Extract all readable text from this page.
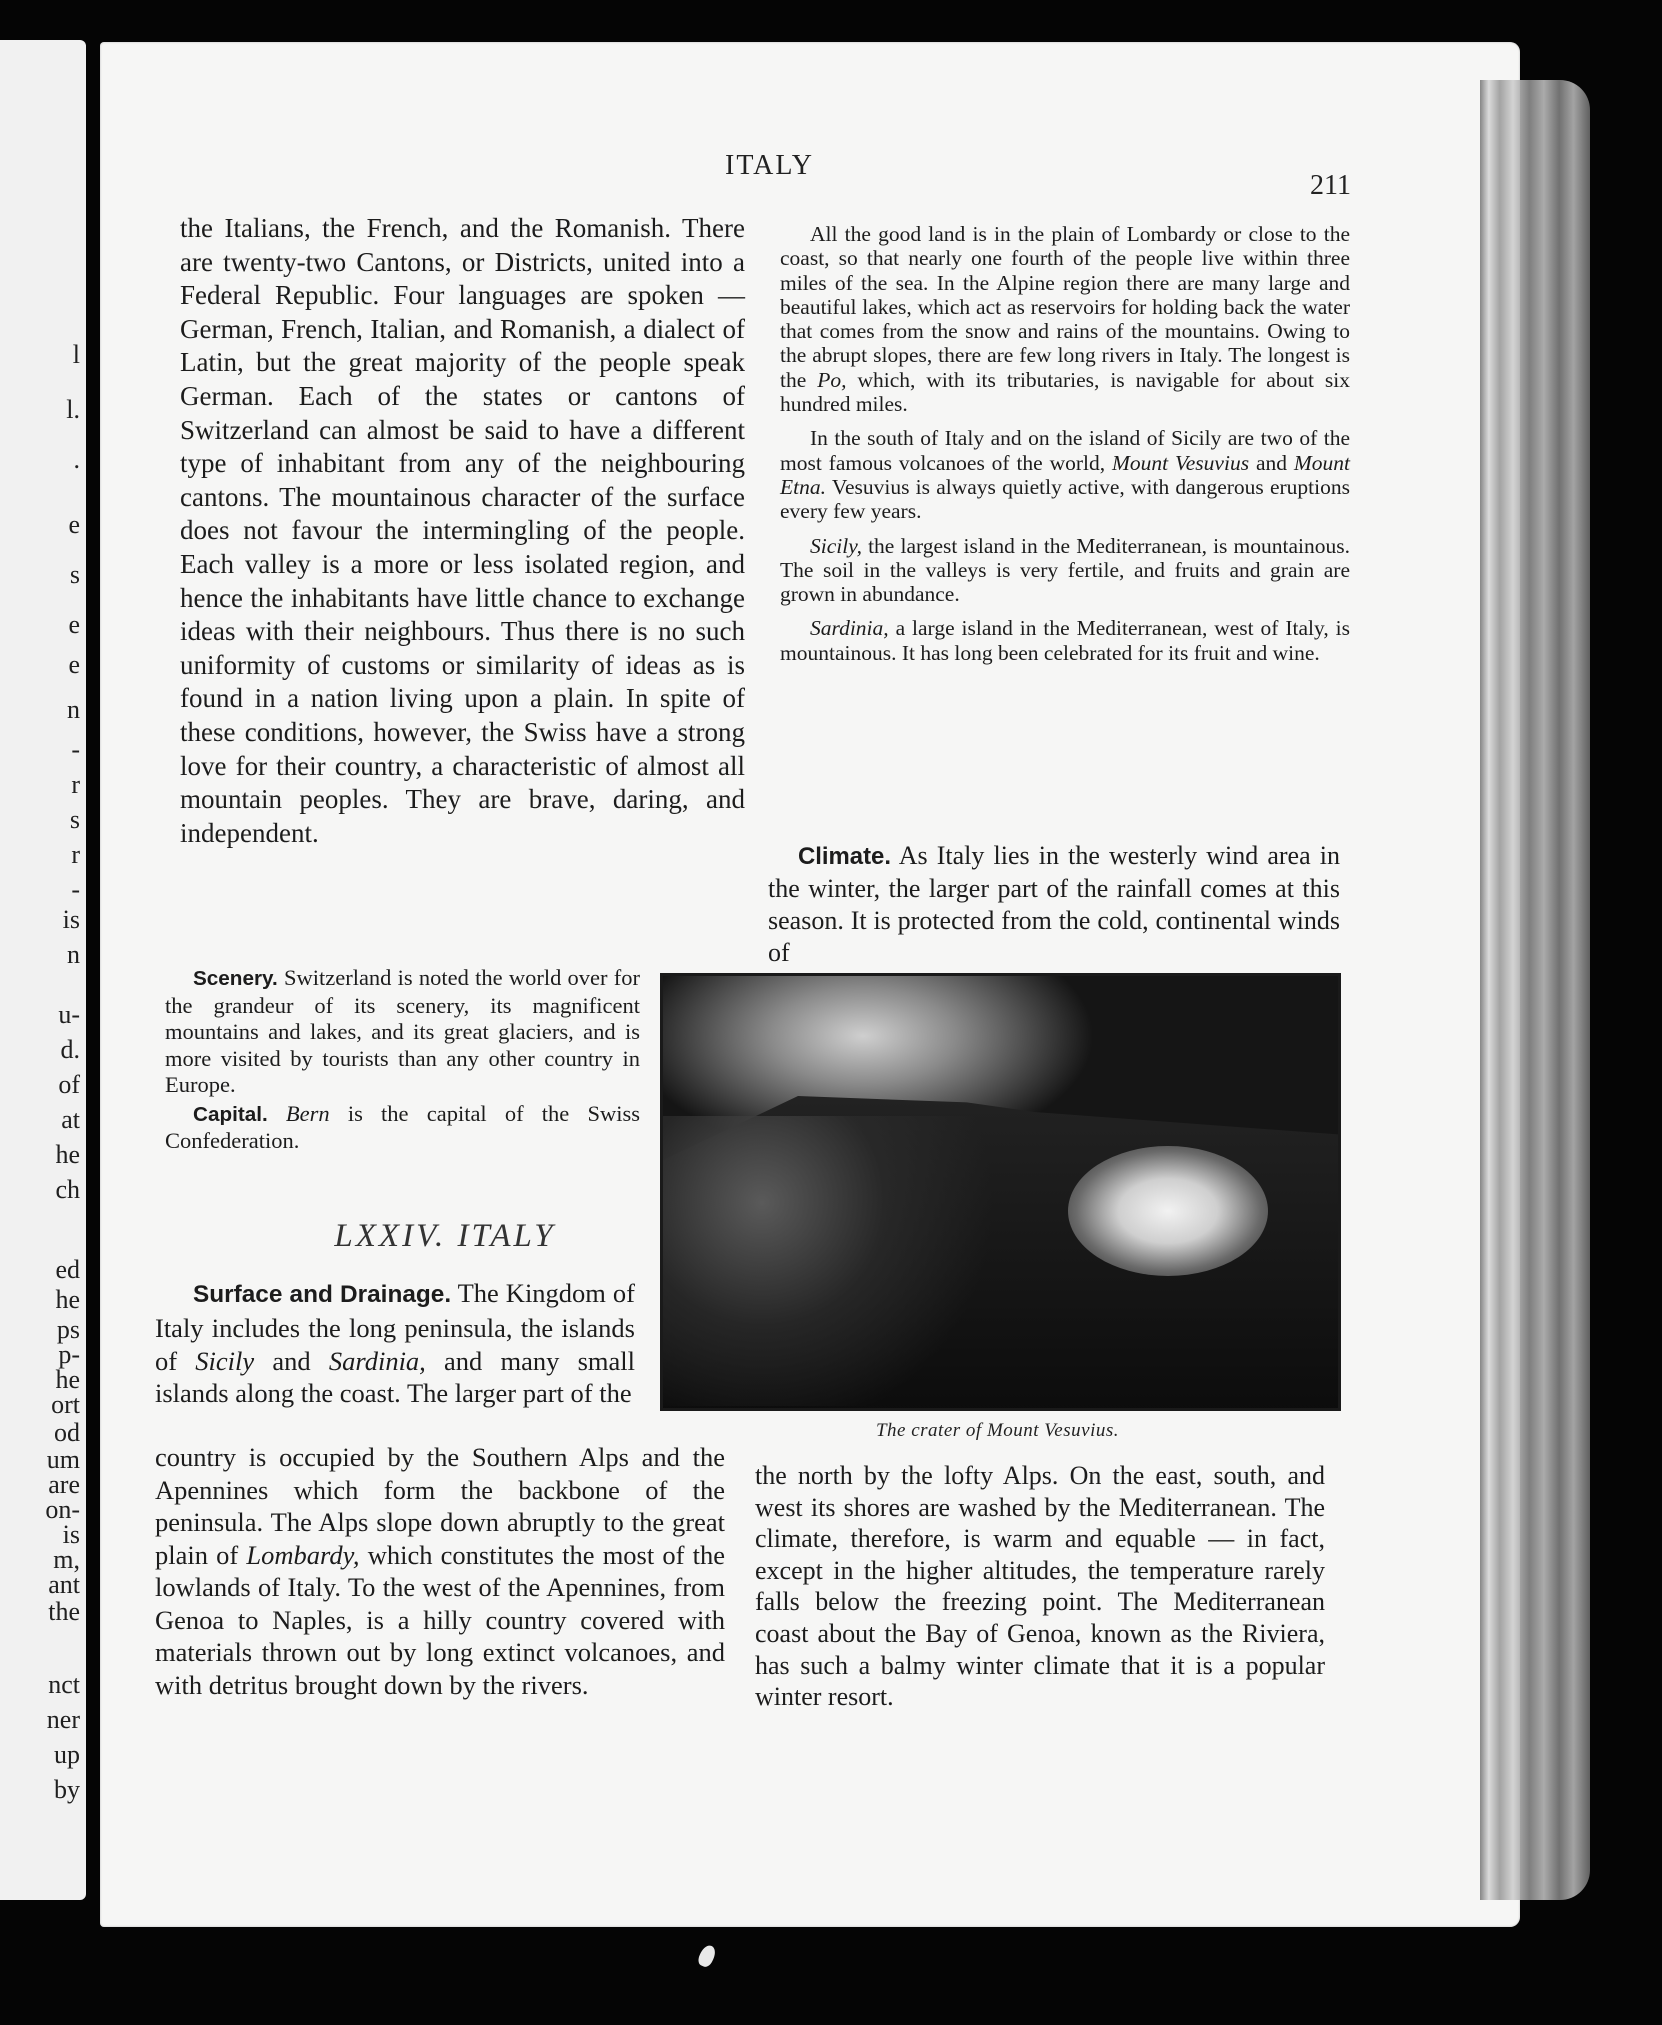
l
l.
.
e
s
e
e
n
-
r
s
r
-
is
n
u-
d.
of
at
he
ch
ed
he
ps
p-
he
ort
od
um
are
on-
is
m,
ant
the
nct
ner
up
by
ITALY
211

the Italians, the French, and the Romanish. There are twenty-two Cantons, or Districts, united into a Federal Republic. Four languages are spoken — German, French, Italian, and Romanish, a dialect of Latin, but the great majority of the people speak German. Each of the states or cantons of Switzerland can almost be said to have a different type of inhabitant from any of the neighbouring cantons. The mountainous character of the surface does not favour the intermingling of the people. Each valley is a more or less isolated region, and hence the inhabitants have little chance to exchange ideas with their neighbours. Thus there is no such uniformity of customs or similarity of ideas as is found in a nation living upon a plain. In spite of these conditions, however, the Swiss have a strong love for their country, a characteristic of almost all mountain peoples. They are brave, daring, and independent.

Scenery. Switzerland is noted the world over for the grandeur of its scenery, its magnificent mountains and lakes, and its great glaciers, and is more visited by tourists than any other country in Europe.

Capital. Bern is the capital of the Swiss Confederation.

LXXIV. ITALY
Surface and Drainage. The Kingdom of Italy includes the long peninsula, the islands of Sicily and Sardinia, and many small islands along the coast. The larger part of the
country is occupied by the Southern Alps and the Apennines which form the backbone of the peninsula. The Alps slope down abruptly to the great plain of Lombardy, which constitutes the most of the lowlands of Italy. To the west of the Apennines, from Genoa to Naples, is a hilly country covered with materials thrown out by long extinct volcanoes, and with detritus brought down by the rivers.

All the good land is in the plain of Lombardy or close to the coast, so that nearly one fourth of the people live within three miles of the sea. In the Alpine region there are many large and beautiful lakes, which act as reservoirs for holding back the water that comes from the snow and rains of the mountains. Owing to the abrupt slopes, there are few long rivers in Italy. The longest is the Po, which, with its tributaries, is navigable for about six hundred miles.

In the south of Italy and on the island of Sicily are two of the most famous volcanoes of the world, Mount Vesuvius and Mount Etna. Vesuvius is always quietly active, with dangerous eruptions every few years.

Sicily, the largest island in the Mediterranean, is mountainous. The soil in the valleys is very fertile, and fruits and grain are grown in abundance.

Sardinia, a large island in the Mediterranean, west of Italy, is mountainous. It has long been celebrated for its fruit and wine.

Climate. As Italy lies in the westerly wind area in the winter, the larger part of the rainfall comes at this season. It is protected from the cold, continental winds of
The crater of Mount Vesuvius.
the north by the lofty Alps. On the east, south, and west its shores are washed by the Mediterranean. The climate, therefore, is warm and equable — in fact, except in the higher altitudes, the temperature rarely falls below the freezing point. The Mediterranean coast about the Bay of Genoa, known as the Riviera, has such a balmy winter climate that it is a popular winter resort.
